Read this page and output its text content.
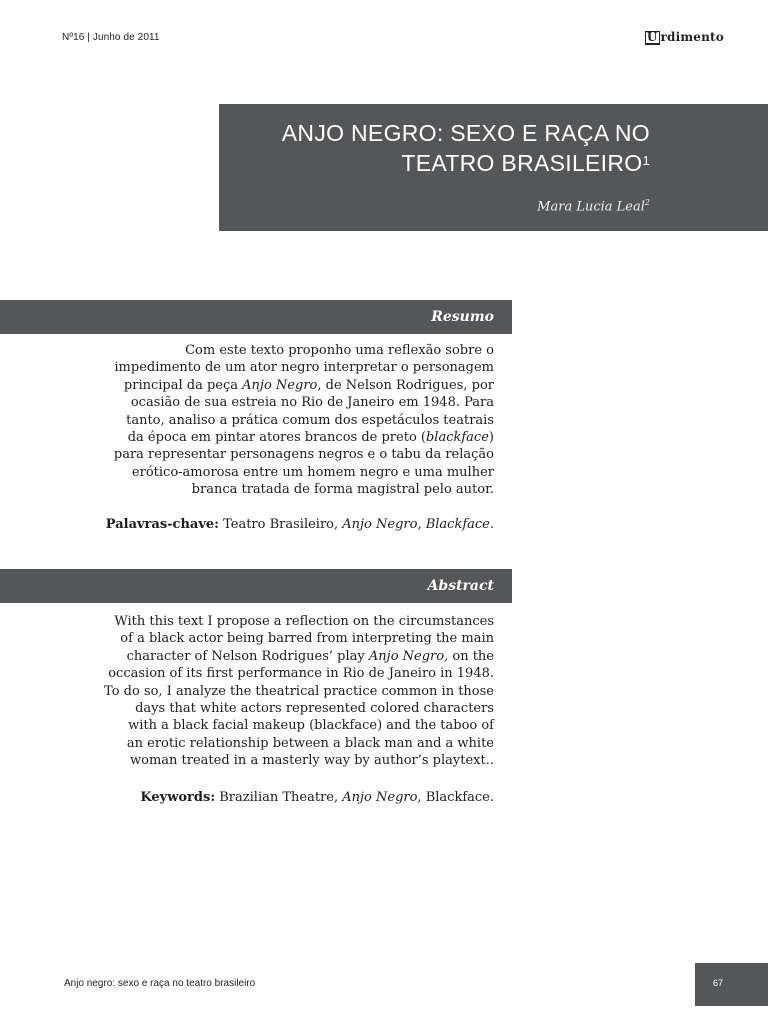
Nº16 | Junho de 2011	U rdimento
ANJO NEGRO: SEXO E RAÇA NO
TEATRO BRASILEIRO$^1$
Mara Lucia Leal$^2$
Resumo
Com este texto proponho uma reflexão sobre o
impedimento de um ator negro interpretar o personagem
principal da peça Anjo Negro, de Nelson Rodrigues, por
ocasião de sua estreia no Rio de Janeiro em 1948. Para
tanto, analiso a prática comum dos espetáculos teatrais
da época em pintar atores brancos de preto (blackface)
para representar personagens negros e o tabu da relação
erótico-amorosa entre um homem negro e uma mulher
branca tratada de forma magistral pelo autor.
Palavras-chave: Teatro Brasileiro, Anjo Negro, Blackface.
Abstract
With this text I propose a reflection on the circumstances
of a black actor being barred from interpreting the main
character of Nelson Rodrigues’ play Anjo Negro, on the
occasion of its first performance in Rio de Janeiro in 1948.
To do so, I analyze the theatrical practice common in those
days that white actors represented colored characters
with a black facial makeup (blackface) and the taboo of
an erotic relationship between a black man and a white
woman treated in a masterly way by author’s playtext..
Keywords: Brazilian Theatre, Anjo Negro, Blackface.
Anjo negro: sexo e raça no teatro brasileiro	67
